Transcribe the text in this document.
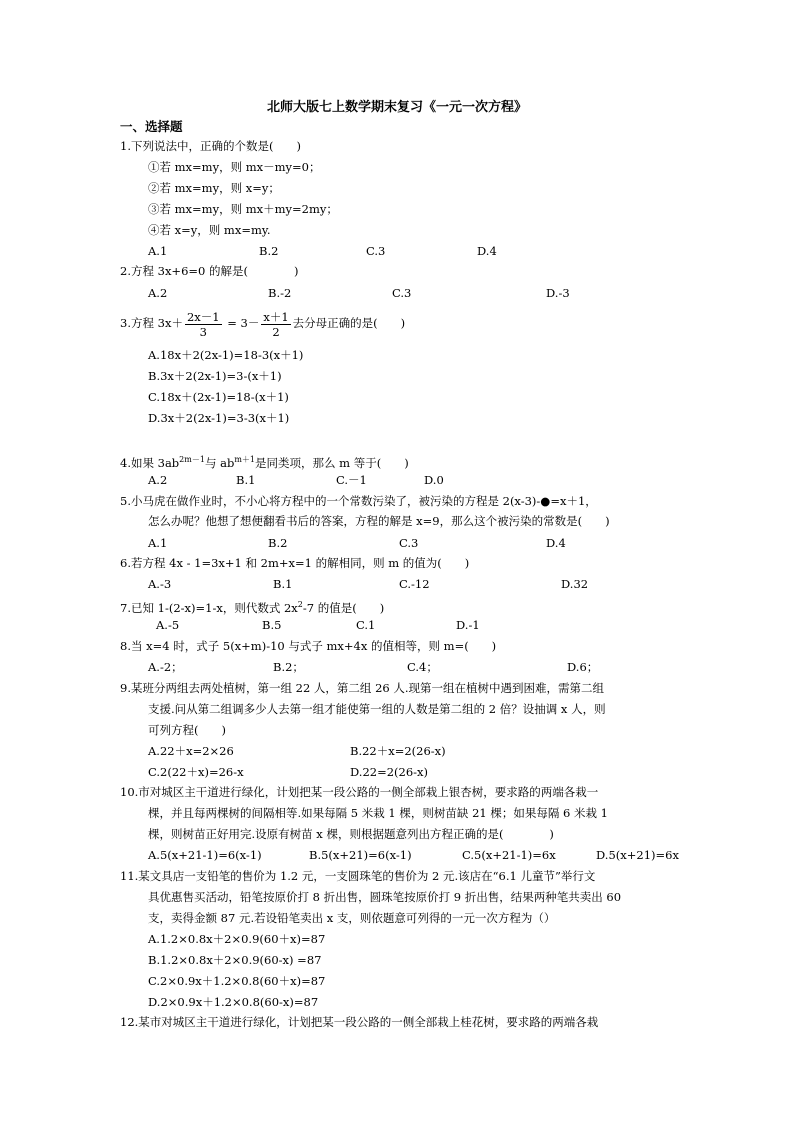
北师大版七上数学期末复习《一元一次方程》
一、选择题
1.下列说法中，正确的个数是(　　)
①若 mx=my，则 mx－my=0；
②若 mx=my，则 x=y；
③若 mx=my，则 mx＋my=2my；
④若 x=y，则 mx=my.
A.1	B.2	C.3	D.4
2.方程 3x+6=0 的解是(　　　　)
A.2	B.-2	C.3	D.-3
3.方程 $3x+ \frac{2x-1}{3} = 3- \frac{x+1}{2}$ 去分母正确的是(　　)
A.18x＋2(2x-1)=18-3(x＋1)
B.3x＋2(2x-1)=3-(x＋1)
C.18x＋(2x-1)=18-(x＋1)
D.3x＋2(2x-1)=3-3(x＋1)
4.如果 $3ab^{2m-1}$与 $ab^{m+1}$是同类项，那么 m 等于(　　)
A.2	B.1	C.－1	D.0
5.小马虎在做作业时，不小心将方程中的一个常数污染了，被污染的方程是 2(x-3)-●=x＋1，
怎么办呢？他想了想便翻看书后的答案，方程的解是 x=9，那么这个被污染的常数是(　　)
A.1	B.2	C.3	D.4
6.若方程 4x - 1=3x+1 和 2m+x=1 的解相同，则 m 的值为(　　)
A.-3	B.1	C.-12	D.32
7.已知 1-(2-x)=1-x，则代数式 $2x^2-7$ 的值是(　　)
A.-5	B.5	C.1	D.-1
8.当 x=4 时，式子 5(x+m)-10 与式子 mx+4x 的值相等，则 m=(　　)
A.-2；	B.2；	C.4；	D.6；
9.某班分两组去两处植树，第一组 22 人，第二组 26 人.现第一组在植树中遇到困难，需第二组
支援.问从第二组调多少人去第一组才能使第一组的人数是第二组的 2 倍？设抽调 x 人，则
可列方程(　　)
A.22＋x=2×26	B.22＋x=2(26-x)
C.2(22＋x)=26-x	D.22=2(26-x)
10.市对城区主干道进行绿化，计划把某一段公路的一侧全部栽上银杏树，要求路的两端各栽一
棵，并且每两棵树的间隔相等.如果每隔 5 米栽 1 棵，则树苗缺 21 棵；如果每隔 6 米栽 1
棵，则树苗正好用完.设原有树苗 x 棵，则根据题意列出方程正确的是(　　　　)
A.5(x+21-1)=6(x-1)	B.5(x+21)=6(x-1)	C.5(x+21-1)=6x	D.5(x+21)=6x
11.某文具店一支铅笔的售价为 1.2 元，一支圆珠笔的售价为 2 元.该店在“6.1 儿童节”举行文
具优惠售买活动，铅笔按原价打 8 折出售，圆珠笔按原价打 9 折出售，结果两种笔共卖出 60
支，卖得金额 87 元.若设铅笔卖出 x 支，则依题意可列得的一元一次方程为（）
A.1.2×0.8x＋2×0.9(60＋x)=87
B.1.2×0.8x＋2×0.9(60-x) =87
C.2×0.9x＋1.2×0.8(60＋x)=87
D.2×0.9x＋1.2×0.8(60-x)=87
12.某市对城区主干道进行绿化，计划把某一段公路的一侧全部栽上桂花树，要求路的两端各栽
